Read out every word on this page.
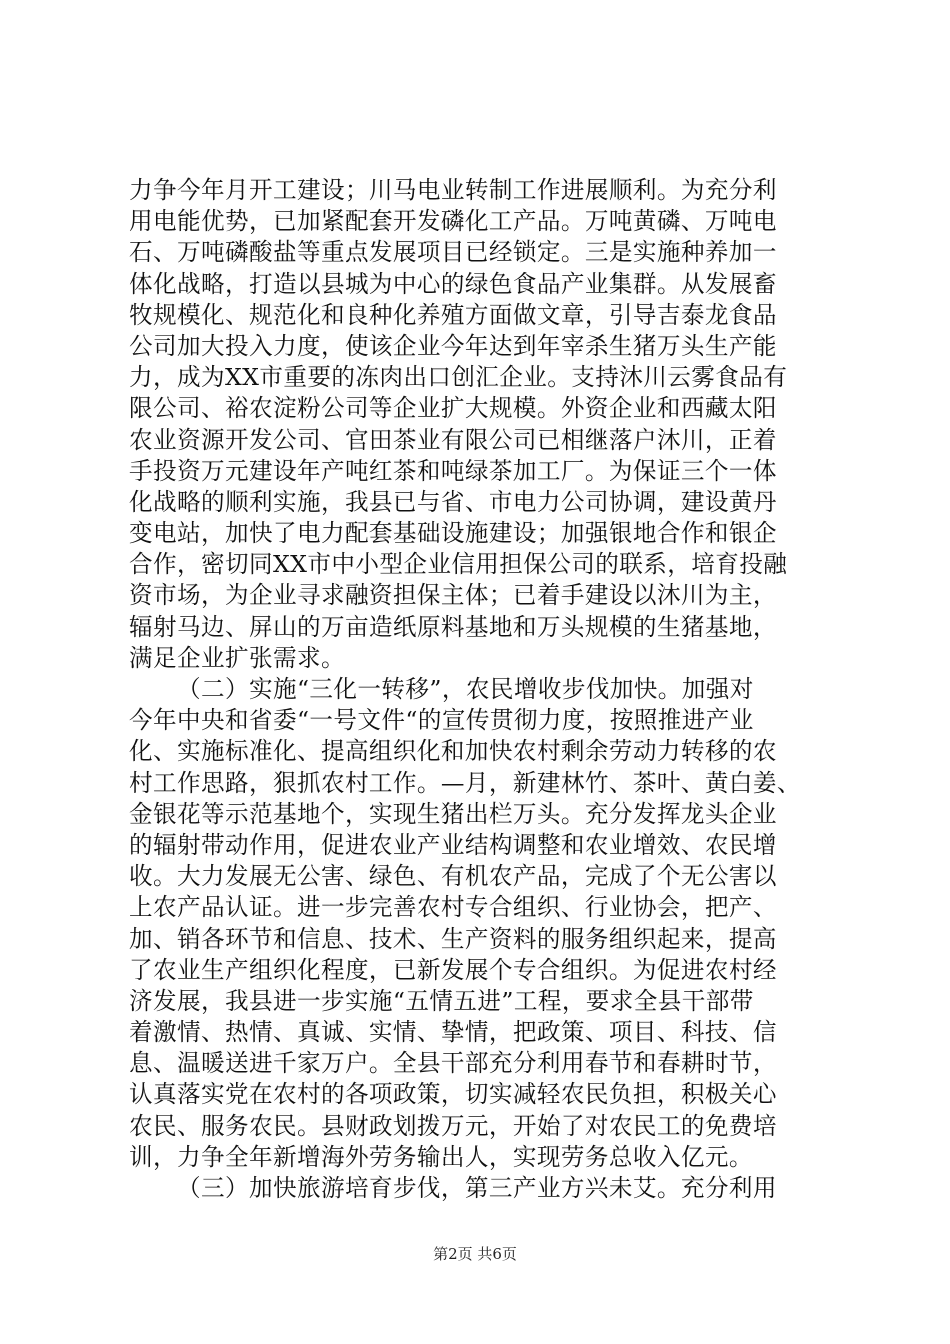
力争今年月开工建设；川马电业转制工作进展顺利。为充分利
用电能优势，已加紧配套开发磷化工产品。万吨黄磷、万吨电
石、万吨磷酸盐等重点发展项目已经锁定。三是实施种养加一
体化战略，打造以县城为中心的绿色食品产业集群。从发展畜
牧规模化、规范化和良种化养殖方面做文章，引导吉泰龙食品
公司加大投入力度，使该企业今年达到年宰杀生猪万头生产能
力，成为XX市重要的冻肉出口创汇企业。支持沐川云雾食品有
限公司、裕农淀粉公司等企业扩大规模。外资企业和西藏太阳
农业资源开发公司、官田茶业有限公司已相继落户沐川，正着
手投资万元建设年产吨红茶和吨绿茶加工厂。为保证三个一体
化战略的顺利实施，我县已与省、市电力公司协调，建设黄丹
变电站，加快了电力配套基础设施建设；加强银地合作和银企
合作，密切同XX市中小型企业信用担保公司的联系，培育投融
资市场，为企业寻求融资担保主体；已着手建设以沐川为主，
辐射马边、屏山的万亩造纸原料基地和万头规模的生猪基地，
满足企业扩张需求。
（二）实施“三化一转移”，农民增收步伐加快。加强对
今年中央和省委“一号文件“的宣传贯彻力度，按照推进产业
化、实施标准化、提高组织化和加快农村剩余劳动力转移的农
村工作思路，狠抓农村工作。—月，新建林竹、茶叶、黄白姜、
金银花等示范基地个，实现生猪出栏万头。充分发挥龙头企业
的辐射带动作用，促进农业产业结构调整和农业增效、农民增
收。大力发展无公害、绿色、有机农产品，完成了个无公害以
上农产品认证。进一步完善农村专合组织、行业协会，把产、
加、销各环节和信息、技术、生产资料的服务组织起来，提高
了农业生产组织化程度，已新发展个专合组织。为促进农村经
济发展，我县进一步实施“五情五进”工程，要求全县干部带
着激情、热情、真诚、实情、挚情，把政策、项目、科技、信
息、温暖送进千家万户。全县干部充分利用春节和春耕时节，
认真落实党在农村的各项政策，切实减轻农民负担，积极关心
农民、服务农民。县财政划拨万元，开始了对农民工的免费培
训，力争全年新增海外劳务输出人，实现劳务总收入亿元。
（三）加快旅游培育步伐，第三产业方兴未艾。充分利用
第2页 共6页
